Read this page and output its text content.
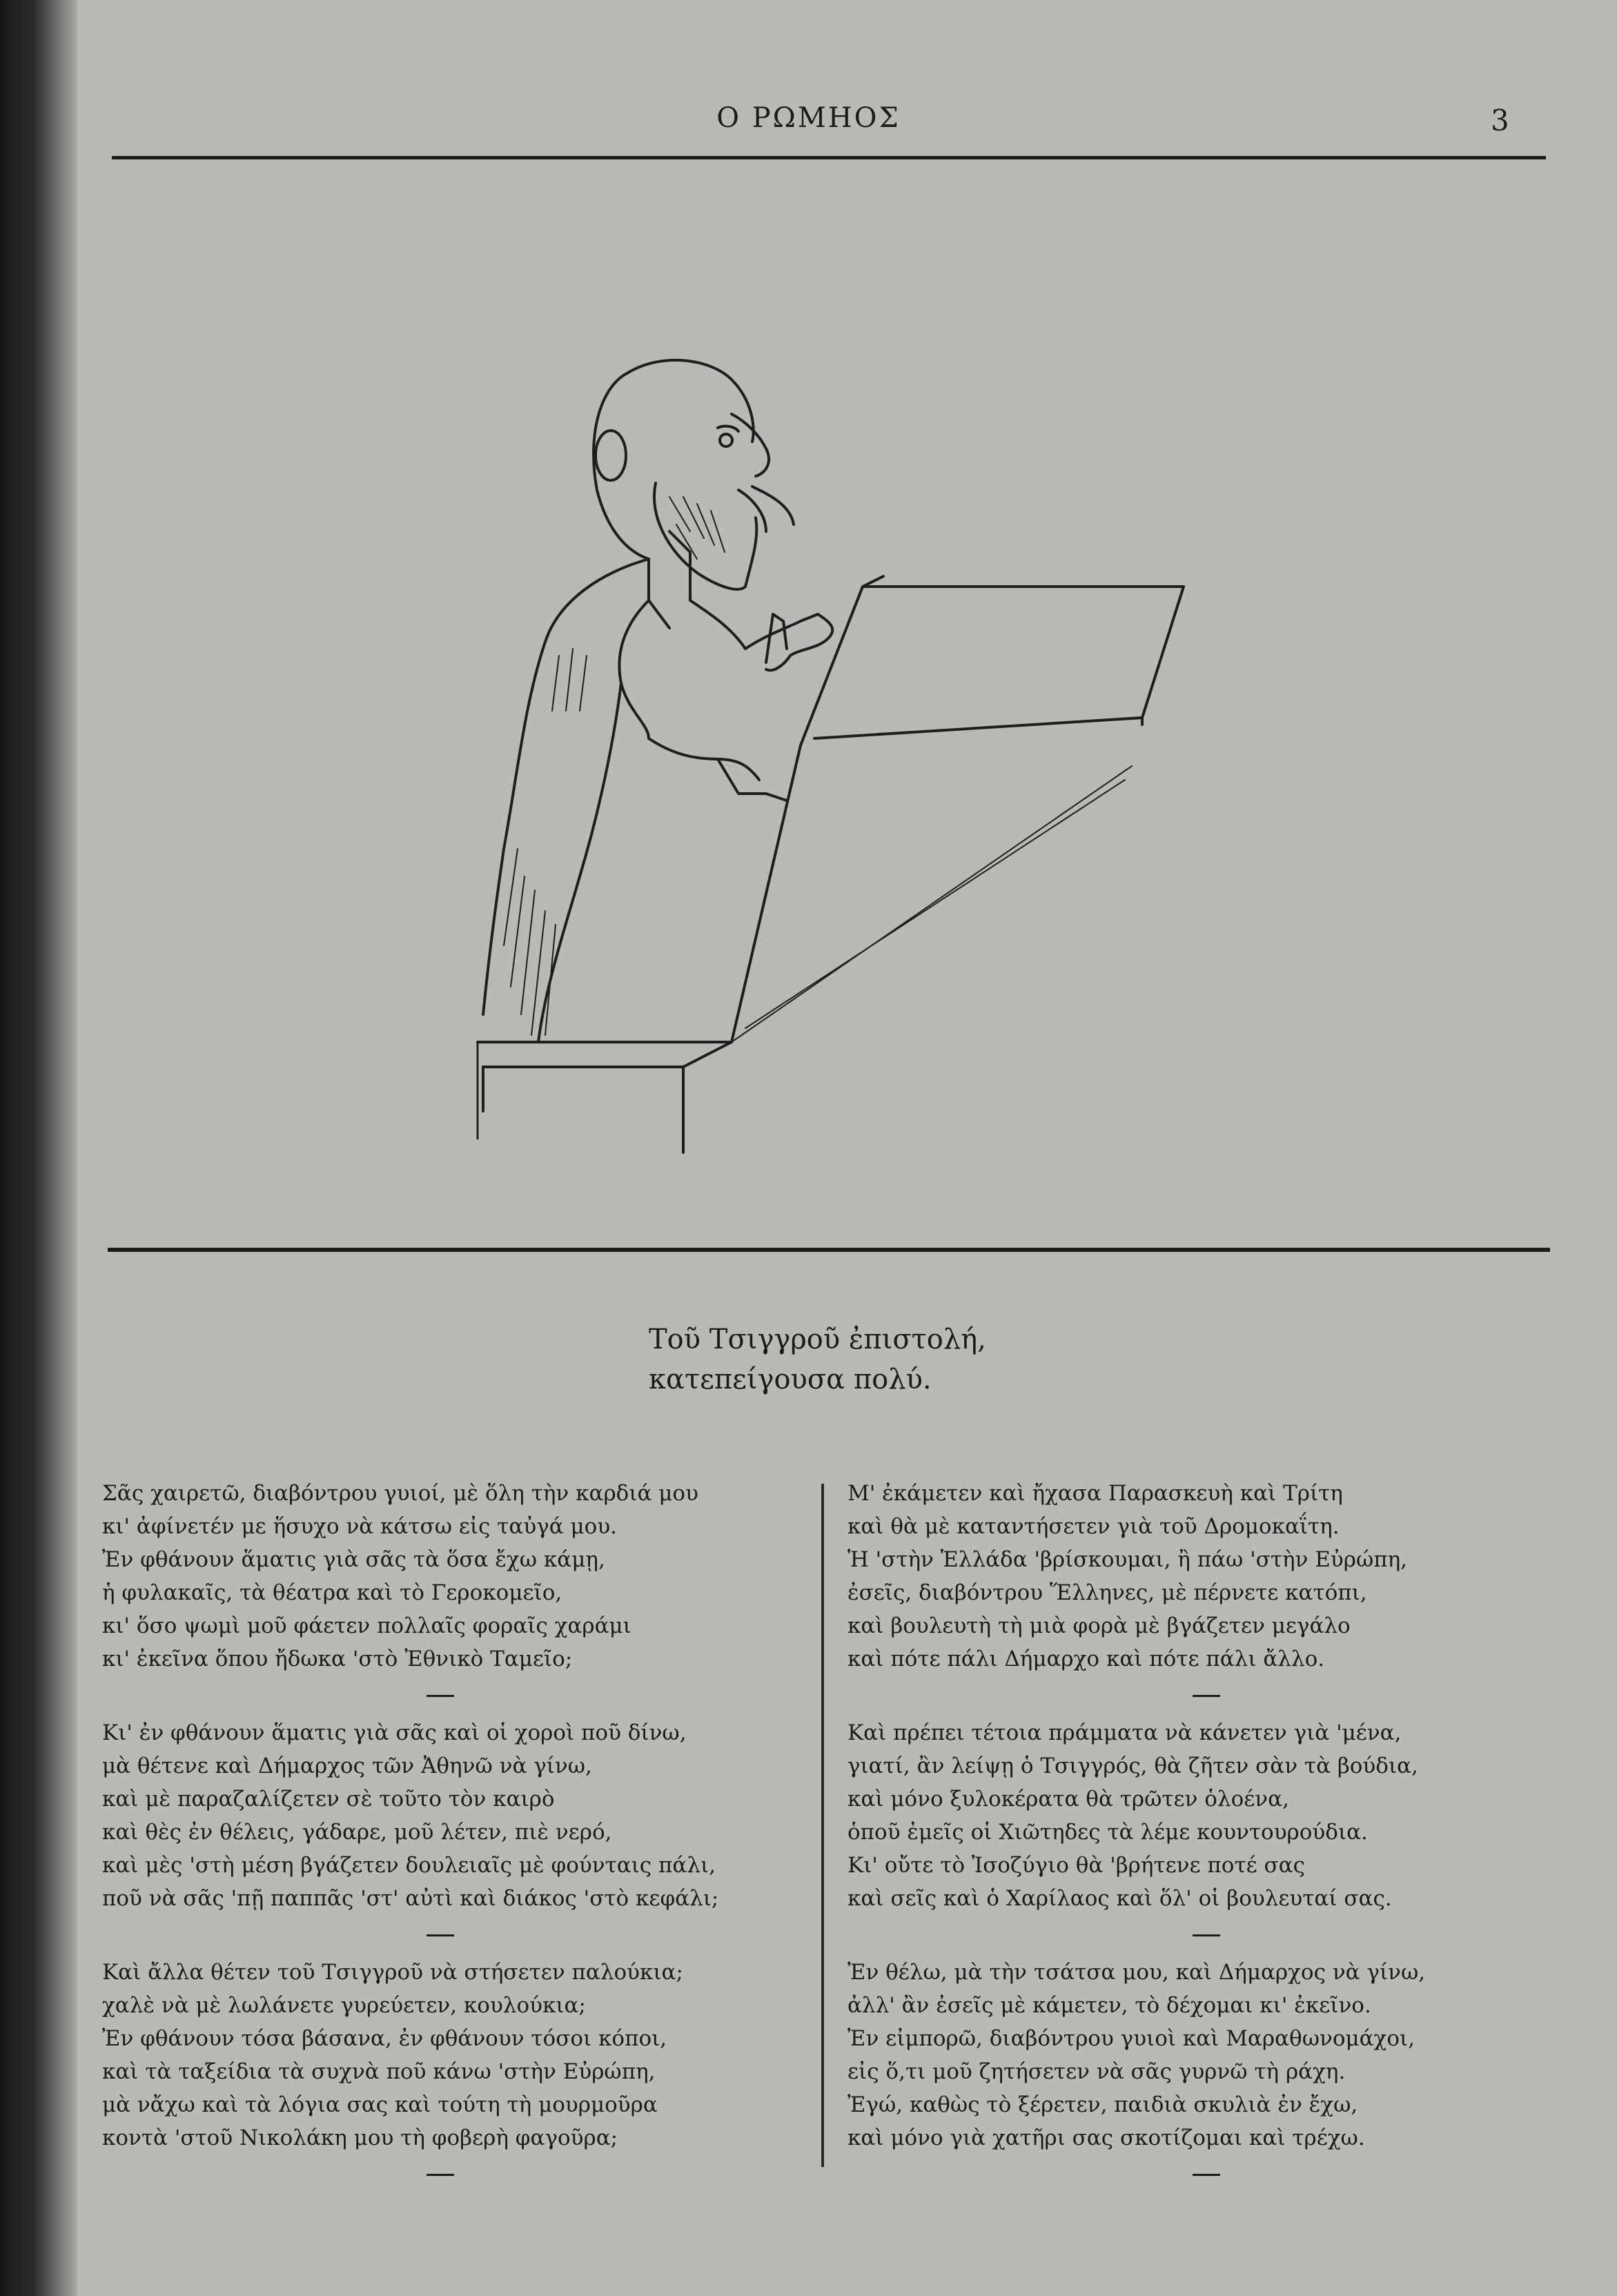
Ο ΡΩΜΗΟΣ	3
Τοῦ Τσιγγροῦ ἐπιστολή,
κατεπείγουσα πολύ.
Σᾶς χαιρετῶ, διαβόντρου γυιοί, μὲ ὅλη τὴν καρδιά μου
κι' ἀφίνετέν με ἥσυχο νὰ κάτσω εἰς ταὐγά μου.
Ἐν φθάνουν ἅματις γιὰ σᾶς τὰ ὅσα ἔχω κάμῃ,
ἡ φυλακαῖς, τὰ θέατρα καὶ τὸ Γεροκομεῖο,
κι' ὅσο ψωμὶ μοῦ φάετεν πολλαῖς φοραῖς χαράμι
κι' ἐκεῖνα ὅπου ἤδωκα 'στὸ Ἐθνικὸ Ταμεῖο;
Κι' ἐν φθάνουν ἅματις γιὰ σᾶς καὶ οἱ χοροὶ ποῦ δίνω,
μὰ θέτενε καὶ Δήμαρχος τῶν Ἀθηνῶ νὰ γίνω,
καὶ μὲ παραζαλίζετεν σὲ τοῦτο τὸν καιρὸ
καὶ θὲς ἐν θέλεις, γάδαρε, μοῦ λέτεν, πιὲ νερό,
καὶ μὲς 'στὴ μέση βγάζετεν δουλειαῖς μὲ φούνταις πάλι,
ποῦ νὰ σᾶς 'πῇ παππᾶς 'στ' αὐτὶ καὶ διάκος 'στὸ κεφάλι;
Καὶ ἄλλα θέτεν τοῦ Τσιγγροῦ νὰ στήσετεν παλούκια;
χαλὲ νὰ μὲ λωλάνετε γυρεύετεν, κουλούκια;
Ἐν φθάνουν τόσα βάσανα, ἐν φθάνουν τόσοι κόποι,
καὶ τὰ ταξείδια τὰ συχνὰ ποῦ κάνω 'στὴν Εὐρώπη,
μὰ νἄχω καὶ τὰ λόγια σας καὶ τούτη τὴ μουρμοῦρα
κοντὰ 'στοῦ Νικολάκη μου τὴ φοβερὴ φαγοῦρα;
Μ' ἐκάμετεν καὶ ἤχασα Παρασκευὴ καὶ Τρίτη
καὶ θὰ μὲ καταντήσετεν γιὰ τοῦ Δρομοκαΐτη.
Ἡ 'στὴν Ἑλλάδα 'βρίσκουμαι, ἢ πάω 'στὴν Εὐρώπη,
ἐσεῖς, διαβόντρου Ἕλληνες, μὲ πέρνετε κατόπι,
καὶ βουλευτὴ τὴ μιὰ φορὰ μὲ βγάζετεν μεγάλο
καὶ πότε πάλι Δήμαρχο καὶ πότε πάλι ἄλλο.
Καὶ πρέπει τέτοια πράμματα νὰ κάνετεν γιὰ 'μένα,
γιατί, ἂν λείψῃ ὁ Τσιγγρός, θὰ ζῆτεν σὰν τὰ βούδια,
καὶ μόνο ξυλοκέρατα θὰ τρῶτεν ὁλοένα,
ὁποῦ ἐμεῖς οἱ Χιῶτηδες τὰ λέμε κουντουρούδια.
Κι' οὔτε τὸ Ἰσοζύγιο θὰ 'βρήτενε ποτέ σας
καὶ σεῖς καὶ ὁ Χαρίλαος καὶ ὅλ' οἱ βουλευταί σας.
Ἐν θέλω, μὰ τὴν τσάτσα μου, καὶ Δήμαρχος νὰ γίνω,
ἀλλ' ἂν ἐσεῖς μὲ κάμετεν, τὸ δέχομαι κι' ἐκεῖνο.
Ἐν εἰμπορῶ, διαβόντρου γυιοὶ καὶ Μαραθωνομάχοι,
εἰς ὅ,τι μοῦ ζητήσετεν νὰ σᾶς γυρνῶ τὴ ράχη.
Ἐγώ, καθὼς τὸ ξέρετεν, παιδιὰ σκυλιὰ ἐν ἔχω,
καὶ μόνο γιὰ χατῆρι σας σκοτίζομαι καὶ τρέχω.
